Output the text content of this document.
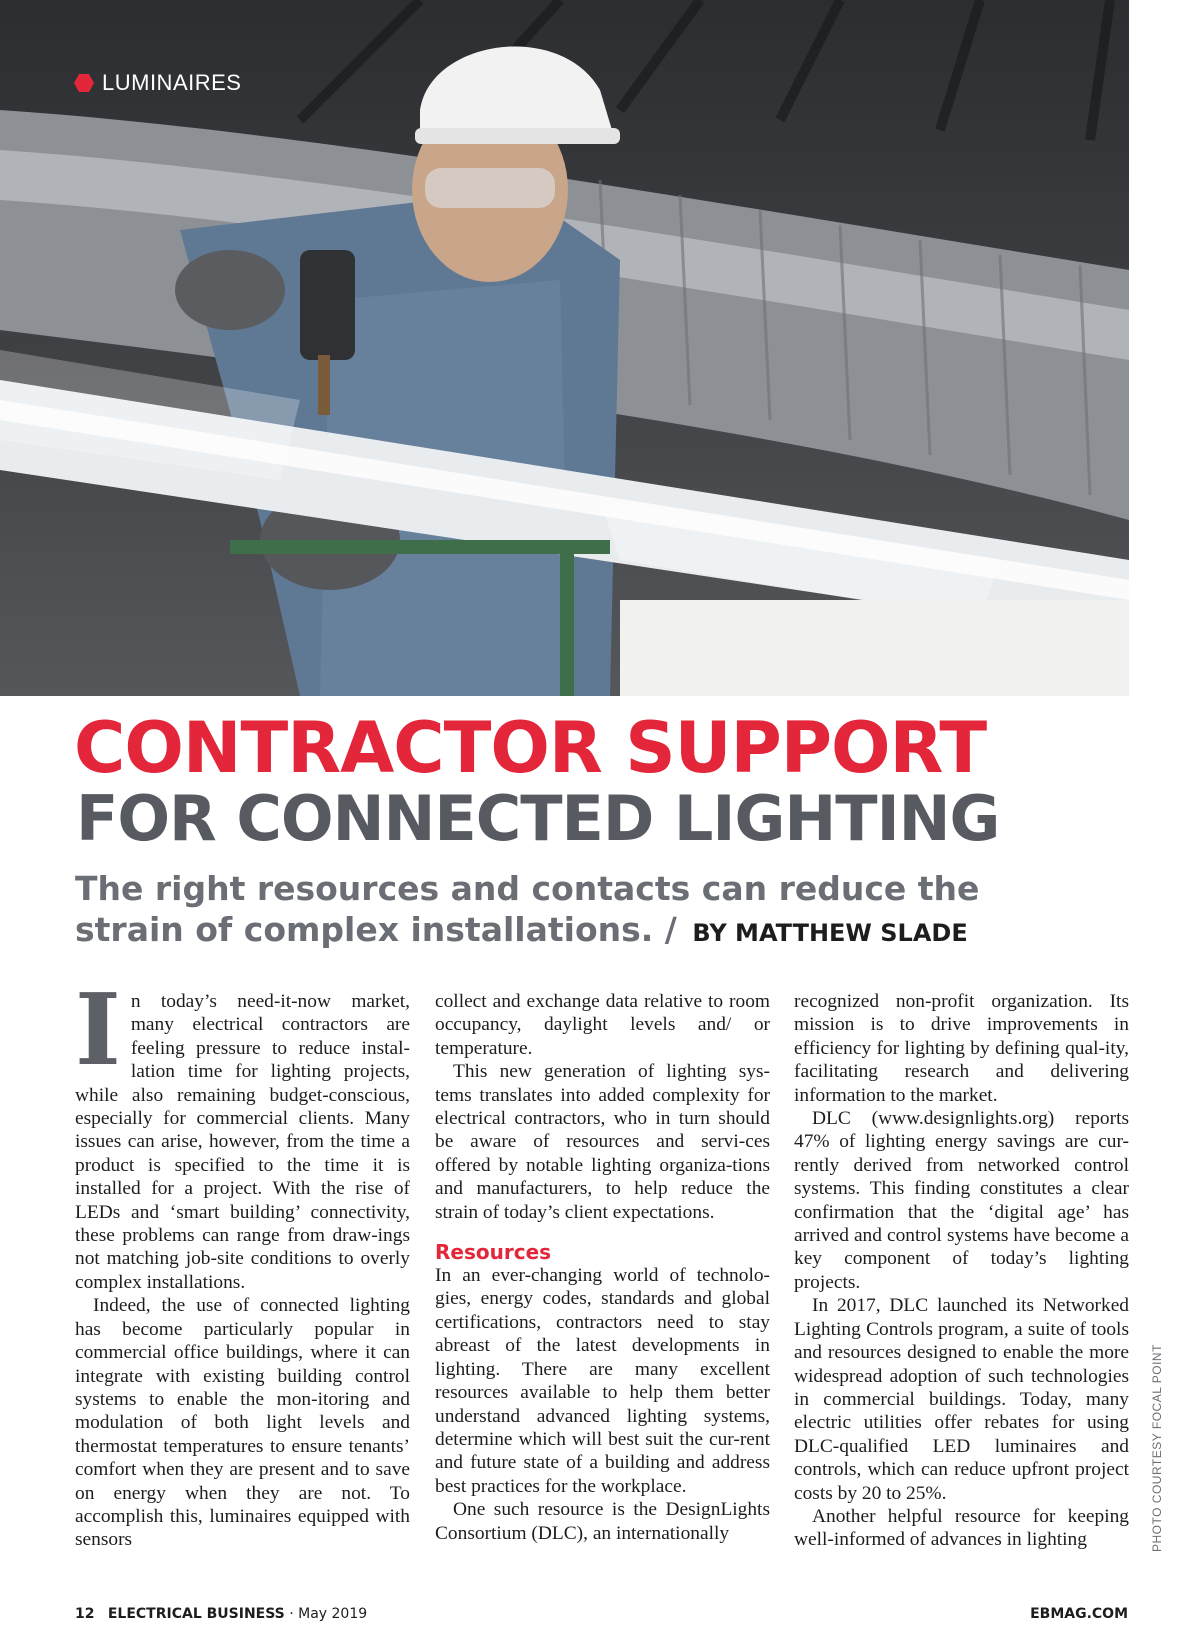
LUMINAIRES
CONTRACTOR SUPPORT
FOR CONNECTED LIGHTING
The right resources and contacts can reduce the strain of complex installations. / BY MATTHEW SLADE
I n today’s need-it-now market, many electrical contractors are feeling pressure to reduce instal-lation time for lighting projects, while also remaining budget-conscious, especially for commercial clients. Many issues can arise, however, from the time a product is specified to the time it is installed for a project. With the rise of LEDs and ‘smart building’ connectivity, these problems can range from draw-ings not matching job-site conditions to overly complex installations.

Indeed, the use of connected lighting has become particularly popular in commercial office buildings, where it can integrate with existing building control systems to enable the mon-itoring and modulation of both light levels and thermostat temperatures to ensure tenants’ comfort when they are present and to save on energy when they are not. To accomplish this, luminaires equipped with sensors

collect and exchange data relative to room occupancy, daylight levels and/ or temperature.

This new generation of lighting sys-tems translates into added complexity for electrical contractors, who in turn should be aware of resources and servi-ces offered by notable lighting organiza-tions and manufacturers, to help reduce the strain of today’s client expectations.

Resources

In an ever-changing world of technolo-gies, energy codes, standards and global certifications, contractors need to stay abreast of the latest developments in lighting. There are many excellent resources available to help them better understand advanced lighting systems, determine which will best suit the cur-rent and future state of a building and address best practices for the workplace.

One such resource is the DesignLights Consortium (DLC), an internationally

recognized non-profit organization. Its mission is to drive improvements in efficiency for lighting by defining qual-ity, facilitating research and delivering information to the market.

DLC (www.designlights.org) reports 47% of lighting energy savings are cur-rently derived from networked control systems. This finding constitutes a clear confirmation that the ‘digital age’ has arrived and control systems have become a key component of today’s lighting projects.

In 2017, DLC launched its Networked Lighting Controls program, a suite of tools and resources designed to enable the more widespread adoption of such technologies in commercial buildings. Today, many electric utilities offer rebates for using DLC-qualified LED luminaires and controls, which can reduce upfront project costs by 20 to 25%.

Another helpful resource for keeping well-informed of advances in lighting	PHOTO COURTESY FOCAL POINT
12 ELECTRICAL BUSINESS · May 2019	EBMAG.COM
